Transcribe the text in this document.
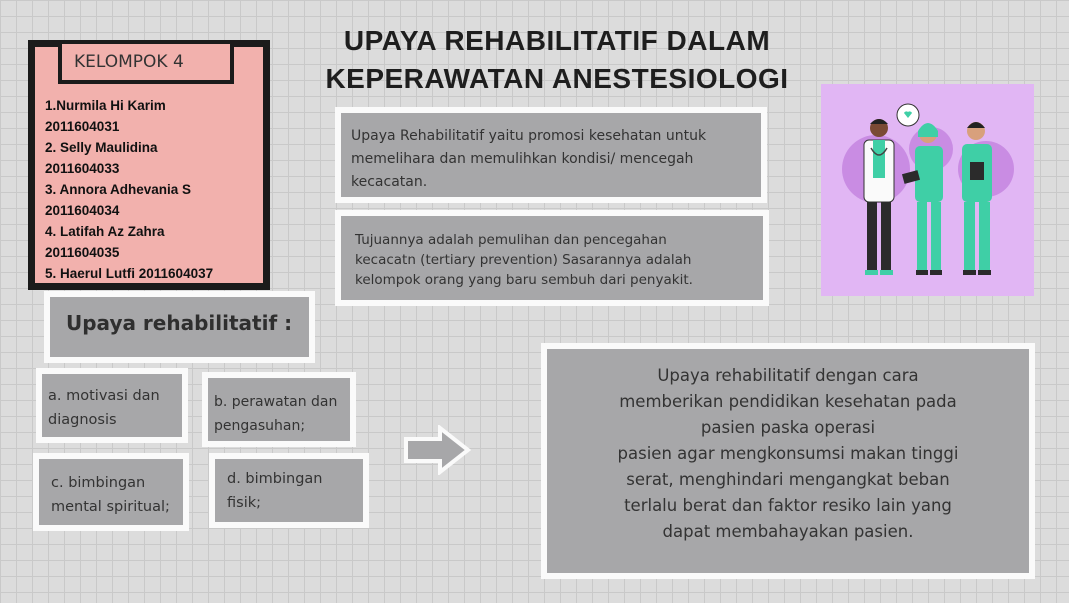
UPAYA REHABILITATIF DALAM
KEPERAWATAN ANESTESIOLOGI
1.Nurmila Hi Karim
2011604031
2. Selly Maulidina
2011604033
3. Annora Adhevania S
2011604034
4. Latifah Az Zahra
2011604035
5. Haerul Lutfi 2011604037
KELOMPOK 4
Upaya Rehabilitatif yaitu promosi kesehatan untuk
memelihara dan memulihkan kondisi/ mencegah
kecacatan.
Tujuannya adalah pemulihan dan pencegahan
kecacatn (tertiary prevention) Sasarannya adalah
kelompok orang yang baru sembuh dari penyakit.
Upaya rehabilitatif :
a. motivasi dan
diagnosis
b. perawatan dan
pengasuhan;
c. bimbingan
mental spiritual;
d. bimbingan
fisik;
Upaya rehabilitatif dengan cara
memberikan pendidikan kesehatan pada
pasien paska operasi
pasien agar mengkonsumsi makan tinggi
serat, menghindari mengangkat beban
terlalu berat dan faktor resiko lain yang
dapat membahayakan pasien.
